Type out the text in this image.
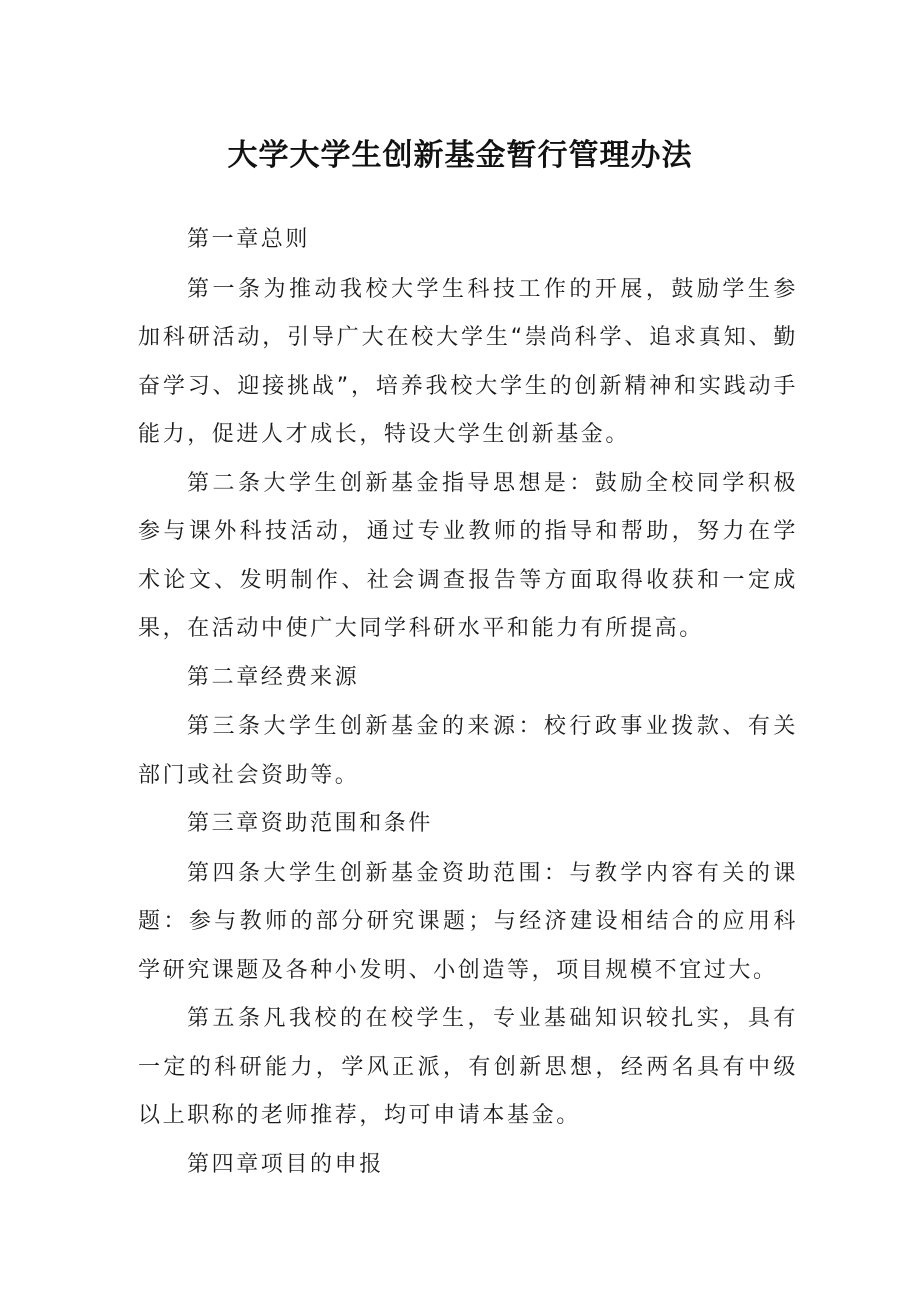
大学大学生创新基金暂行管理办法

第一章总则

第一条为推动我校大学生科技工作的开展，鼓励学生参加科研活动，引导广大在校大学生“崇尚科学、追求真知、勤奋学习、迎接挑战”，培养我校大学生的创新精神和实践动手能力，促进人才成长，特设大学生创新基金。

第二条大学生创新基金指导思想是：鼓励全校同学积极参与课外科技活动，通过专业教师的指导和帮助，努力在学术论文、发明制作、社会调查报告等方面取得收获和一定成果，在活动中使广大同学科研水平和能力有所提高。

第二章经费来源

第三条大学生创新基金的来源：校行政事业拨款、有关部门或社会资助等。

第三章资助范围和条件

第四条大学生创新基金资助范围：与教学内容有关的课题：参与教师的部分研究课题；与经济建设相结合的应用科学研究课题及各种小发明、小创造等，项目规模不宜过大。

第五条凡我校的在校学生，专业基础知识较扎实，具有一定的科研能力，学风正派，有创新思想，经两名具有中级以上职称的老师推荐，均可申请本基金。

第四章项目的申报
